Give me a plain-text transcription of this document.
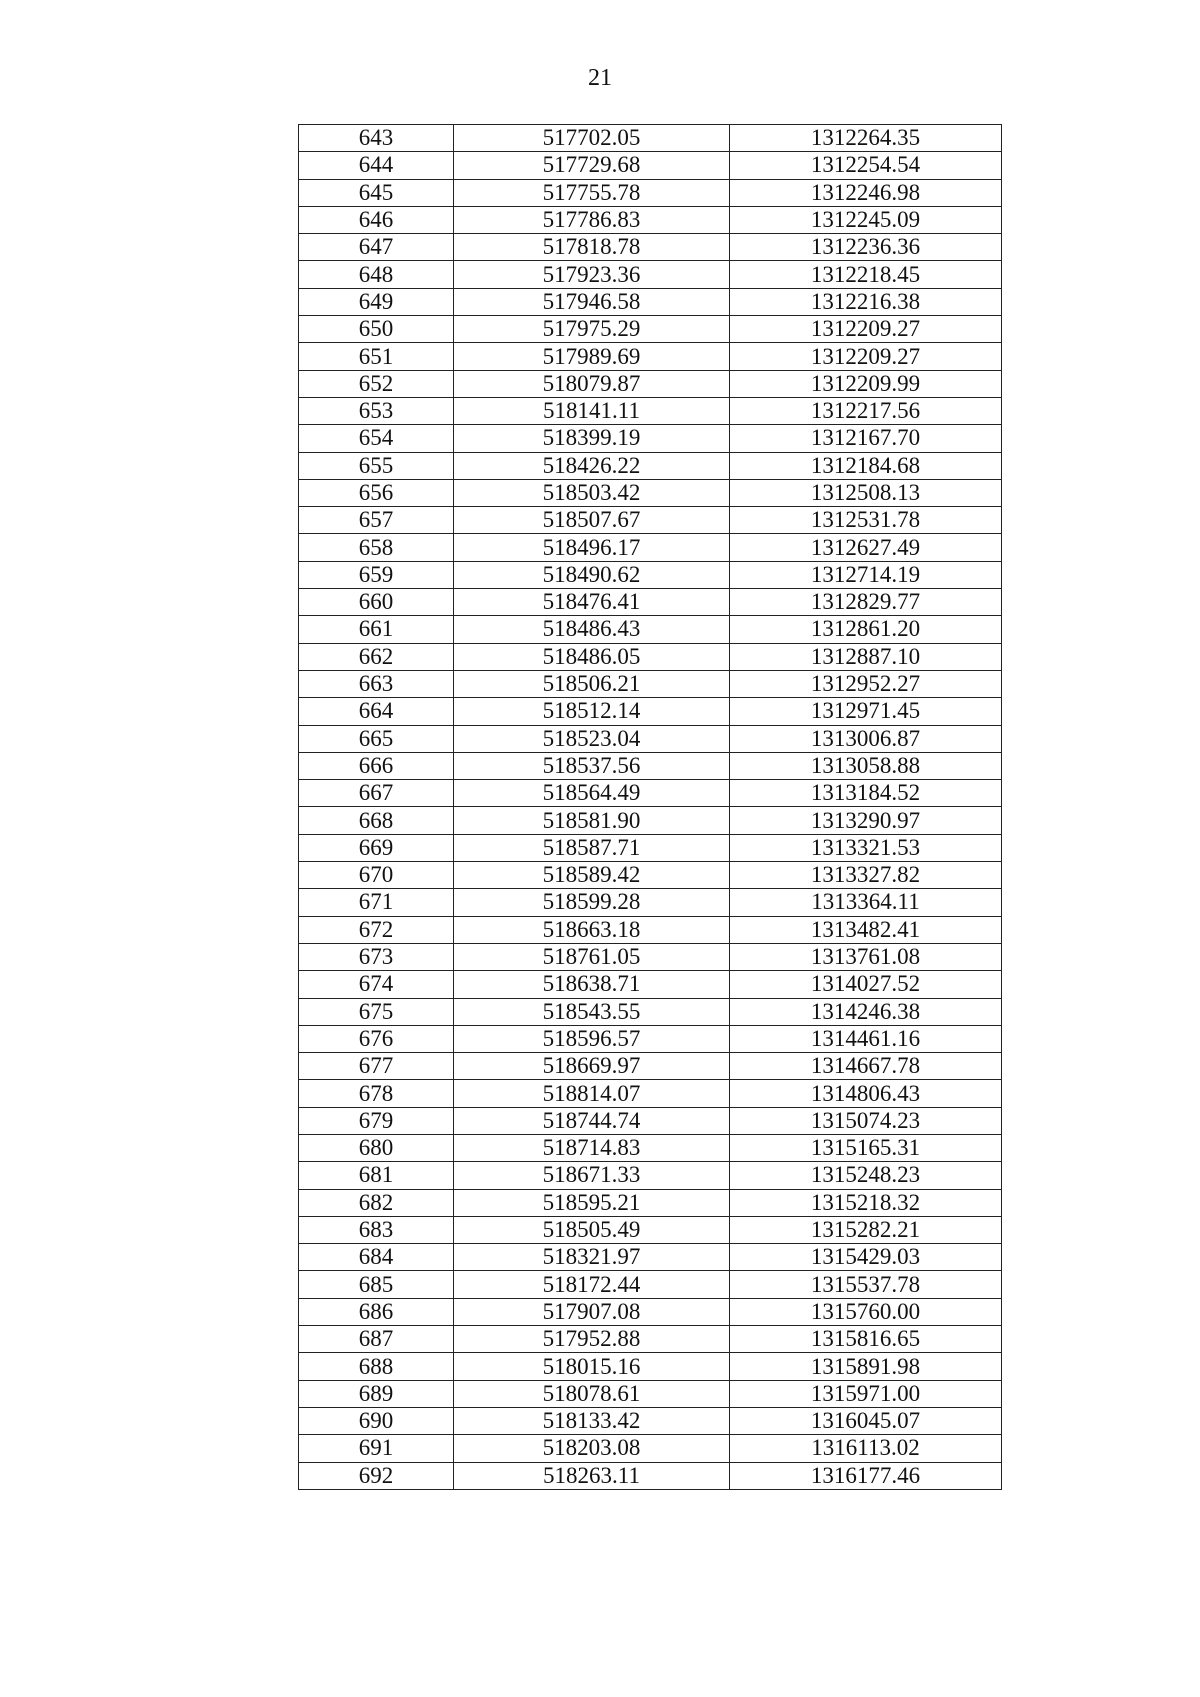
21
643	517702.05	1312264.35
644	517729.68	1312254.54
645	517755.78	1312246.98
646	517786.83	1312245.09
647	517818.78	1312236.36
648	517923.36	1312218.45
649	517946.58	1312216.38
650	517975.29	1312209.27
651	517989.69	1312209.27
652	518079.87	1312209.99
653	518141.11	1312217.56
654	518399.19	1312167.70
655	518426.22	1312184.68
656	518503.42	1312508.13
657	518507.67	1312531.78
658	518496.17	1312627.49
659	518490.62	1312714.19
660	518476.41	1312829.77
661	518486.43	1312861.20
662	518486.05	1312887.10
663	518506.21	1312952.27
664	518512.14	1312971.45
665	518523.04	1313006.87
666	518537.56	1313058.88
667	518564.49	1313184.52
668	518581.90	1313290.97
669	518587.71	1313321.53
670	518589.42	1313327.82
671	518599.28	1313364.11
672	518663.18	1313482.41
673	518761.05	1313761.08
674	518638.71	1314027.52
675	518543.55	1314246.38
676	518596.57	1314461.16
677	518669.97	1314667.78
678	518814.07	1314806.43
679	518744.74	1315074.23
680	518714.83	1315165.31
681	518671.33	1315248.23
682	518595.21	1315218.32
683	518505.49	1315282.21
684	518321.97	1315429.03
685	518172.44	1315537.78
686	517907.08	1315760.00
687	517952.88	1315816.65
688	518015.16	1315891.98
689	518078.61	1315971.00
690	518133.42	1316045.07
691	518203.08	1316113.02
692	518263.11	1316177.46
